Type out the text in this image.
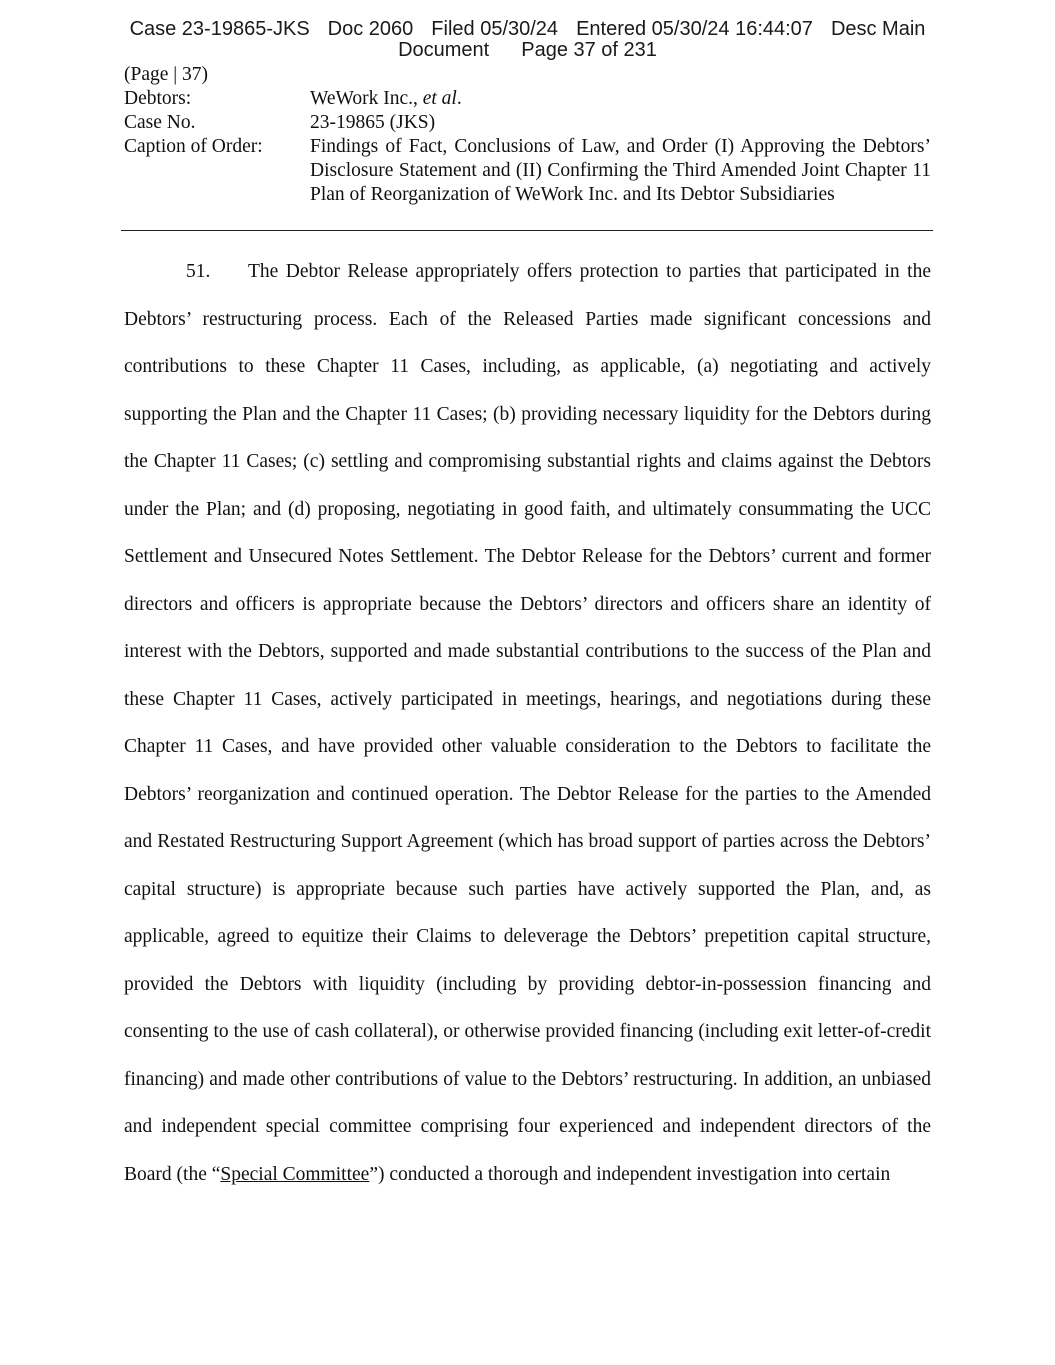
Case 23-19865-JKS Doc 2060 Filed 05/30/24 Entered 05/30/24 16:44:07 Desc Main
Document Page 37 of 231
(Page | 37)
Debtors:	WeWork Inc., et al.
Case No.	23-19865 (JKS)
Caption of Order:	Findings of Fact, Conclusions of Law, and Order (I) Approving the Debtors’ Disclosure Statement and (II) Confirming the Third Amended Joint Chapter 11 Plan of Reorganization of WeWork Inc. and Its Debtor Subsidiaries

51. The Debtor Release appropriately offers protection to parties that participated in the Debtors’ restructuring process. Each of the Released Parties made significant concessions and contributions to these Chapter 11 Cases, including, as applicable, (a) negotiating and actively supporting the Plan and the Chapter 11 Cases; (b) providing necessary liquidity for the Debtors during the Chapter 11 Cases; (c) settling and compromising substantial rights and claims against the Debtors under the Plan; and (d) proposing, negotiating in good faith, and ultimately consummating the UCC Settlement and Unsecured Notes Settlement. The Debtor Release for the Debtors’ current and former directors and officers is appropriate because the Debtors’ directors and officers share an identity of interest with the Debtors, supported and made substantial contributions to the success of the Plan and these Chapter 11 Cases, actively participated in meetings, hearings, and negotiations during these Chapter 11 Cases, and have provided other valuable consideration to the Debtors to facilitate the Debtors’ reorganization and continued operation. The Debtor Release for the parties to the Amended and Restated Restructuring Support Agreement (which has broad support of parties across the Debtors’ capital structure) is appropriate because such parties have actively supported the Plan, and, as applicable, agreed to equitize their Claims to deleverage the Debtors’ prepetition capital structure, provided the Debtors with liquidity (including by providing debtor-in-possession financing and consenting to the use of cash collateral), or otherwise provided financing (including exit letter-of-credit financing) and made other contributions of value to the Debtors’ restructuring. In addition, an unbiased and independent special committee comprising four experienced and independent directors of the Board (the “Special Committee”) conducted a thorough and independent investigation into certain
